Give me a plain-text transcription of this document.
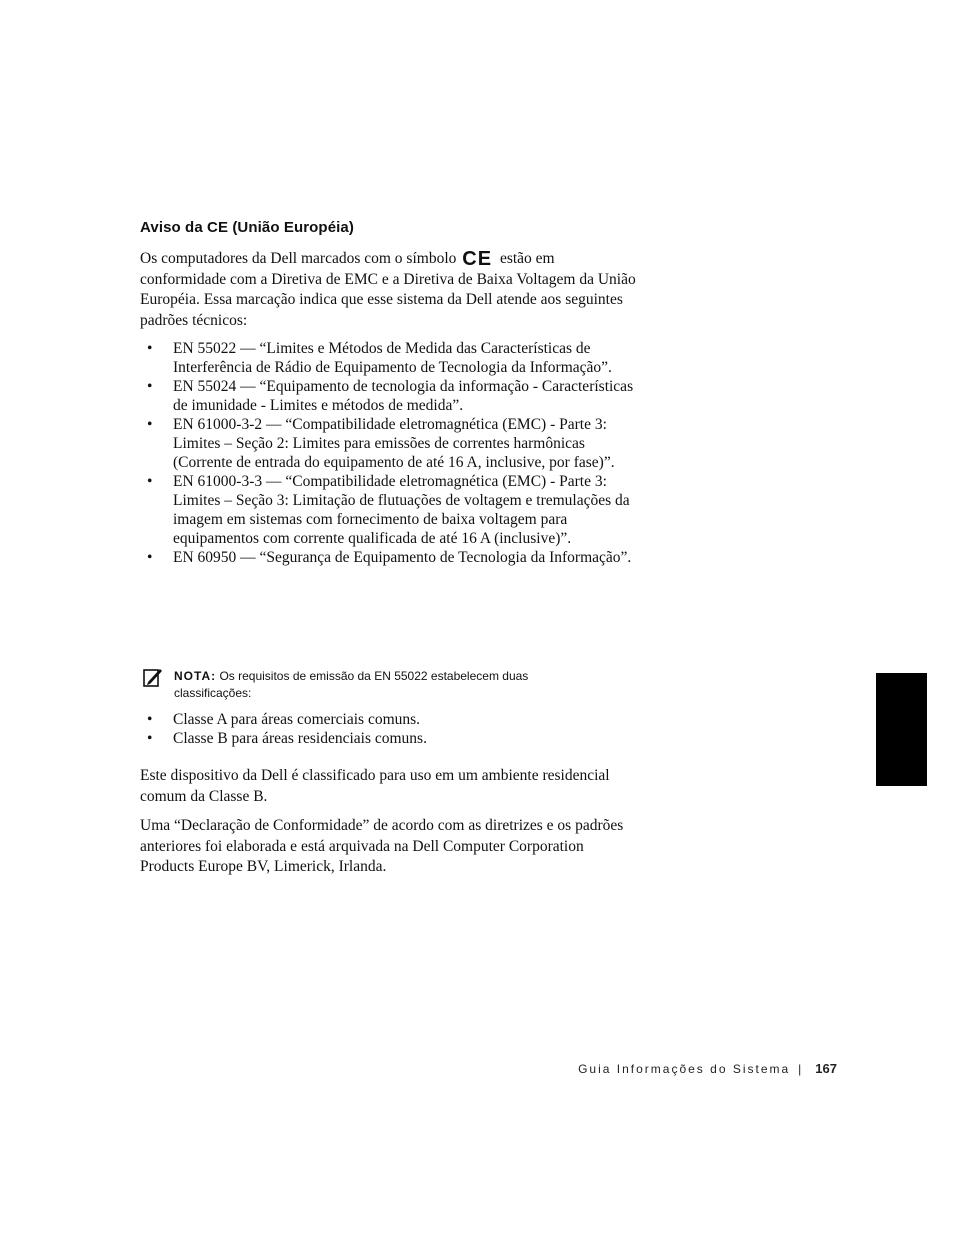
Aviso da CE (União Européia)

Os computadores da Dell marcados com o símbolo CE estão em conformidade com a Diretiva de EMC e a Diretiva de Baixa Voltagem da União Européia. Essa marcação indica que esse sistema da Dell atende aos seguintes padrões técnicos:

• EN 55022 — “Limites e Métodos de Medida das Características de Interferência de Rádio de Equipamento de Tecnologia da Informação”.
• EN 55024 — “Equipamento de tecnologia da informação - Características de imunidade - Limites e métodos de medida”.
• EN 61000-3-2 — “Compatibilidade eletromagnética (EMC) - Parte 3: Limites – Seção 2: Limites para emissões de correntes harmônicas (Corrente de entrada do equipamento de até 16 A, inclusive, por fase)”.
• EN 61000-3-3 — “Compatibilidade eletromagnética (EMC) - Parte 3: Limites – Seção 3: Limitação de flutuações de voltagem e tremulações da imagem em sistemas com fornecimento de baixa voltagem para equipamentos com corrente qualificada de até 16 A (inclusive)”.
• EN 60950 — “Segurança de Equipamento de Tecnologia da Informação”.
NOTA: Os requisitos de emissão da EN 55022 estabelecem duas classificações:
• Classe A para áreas comerciais comuns.
• Classe B para áreas residenciais comuns.

Este dispositivo da Dell é classificado para uso em um ambiente residencial comum da Classe B.

Uma “Declaração de Conformidade” de acordo com as diretrizes e os padrões anteriores foi elaborada e está arquivada na Dell Computer Corporation Products Europe BV, Limerick, Irlanda.

Guia Informações do Sistema | 167
